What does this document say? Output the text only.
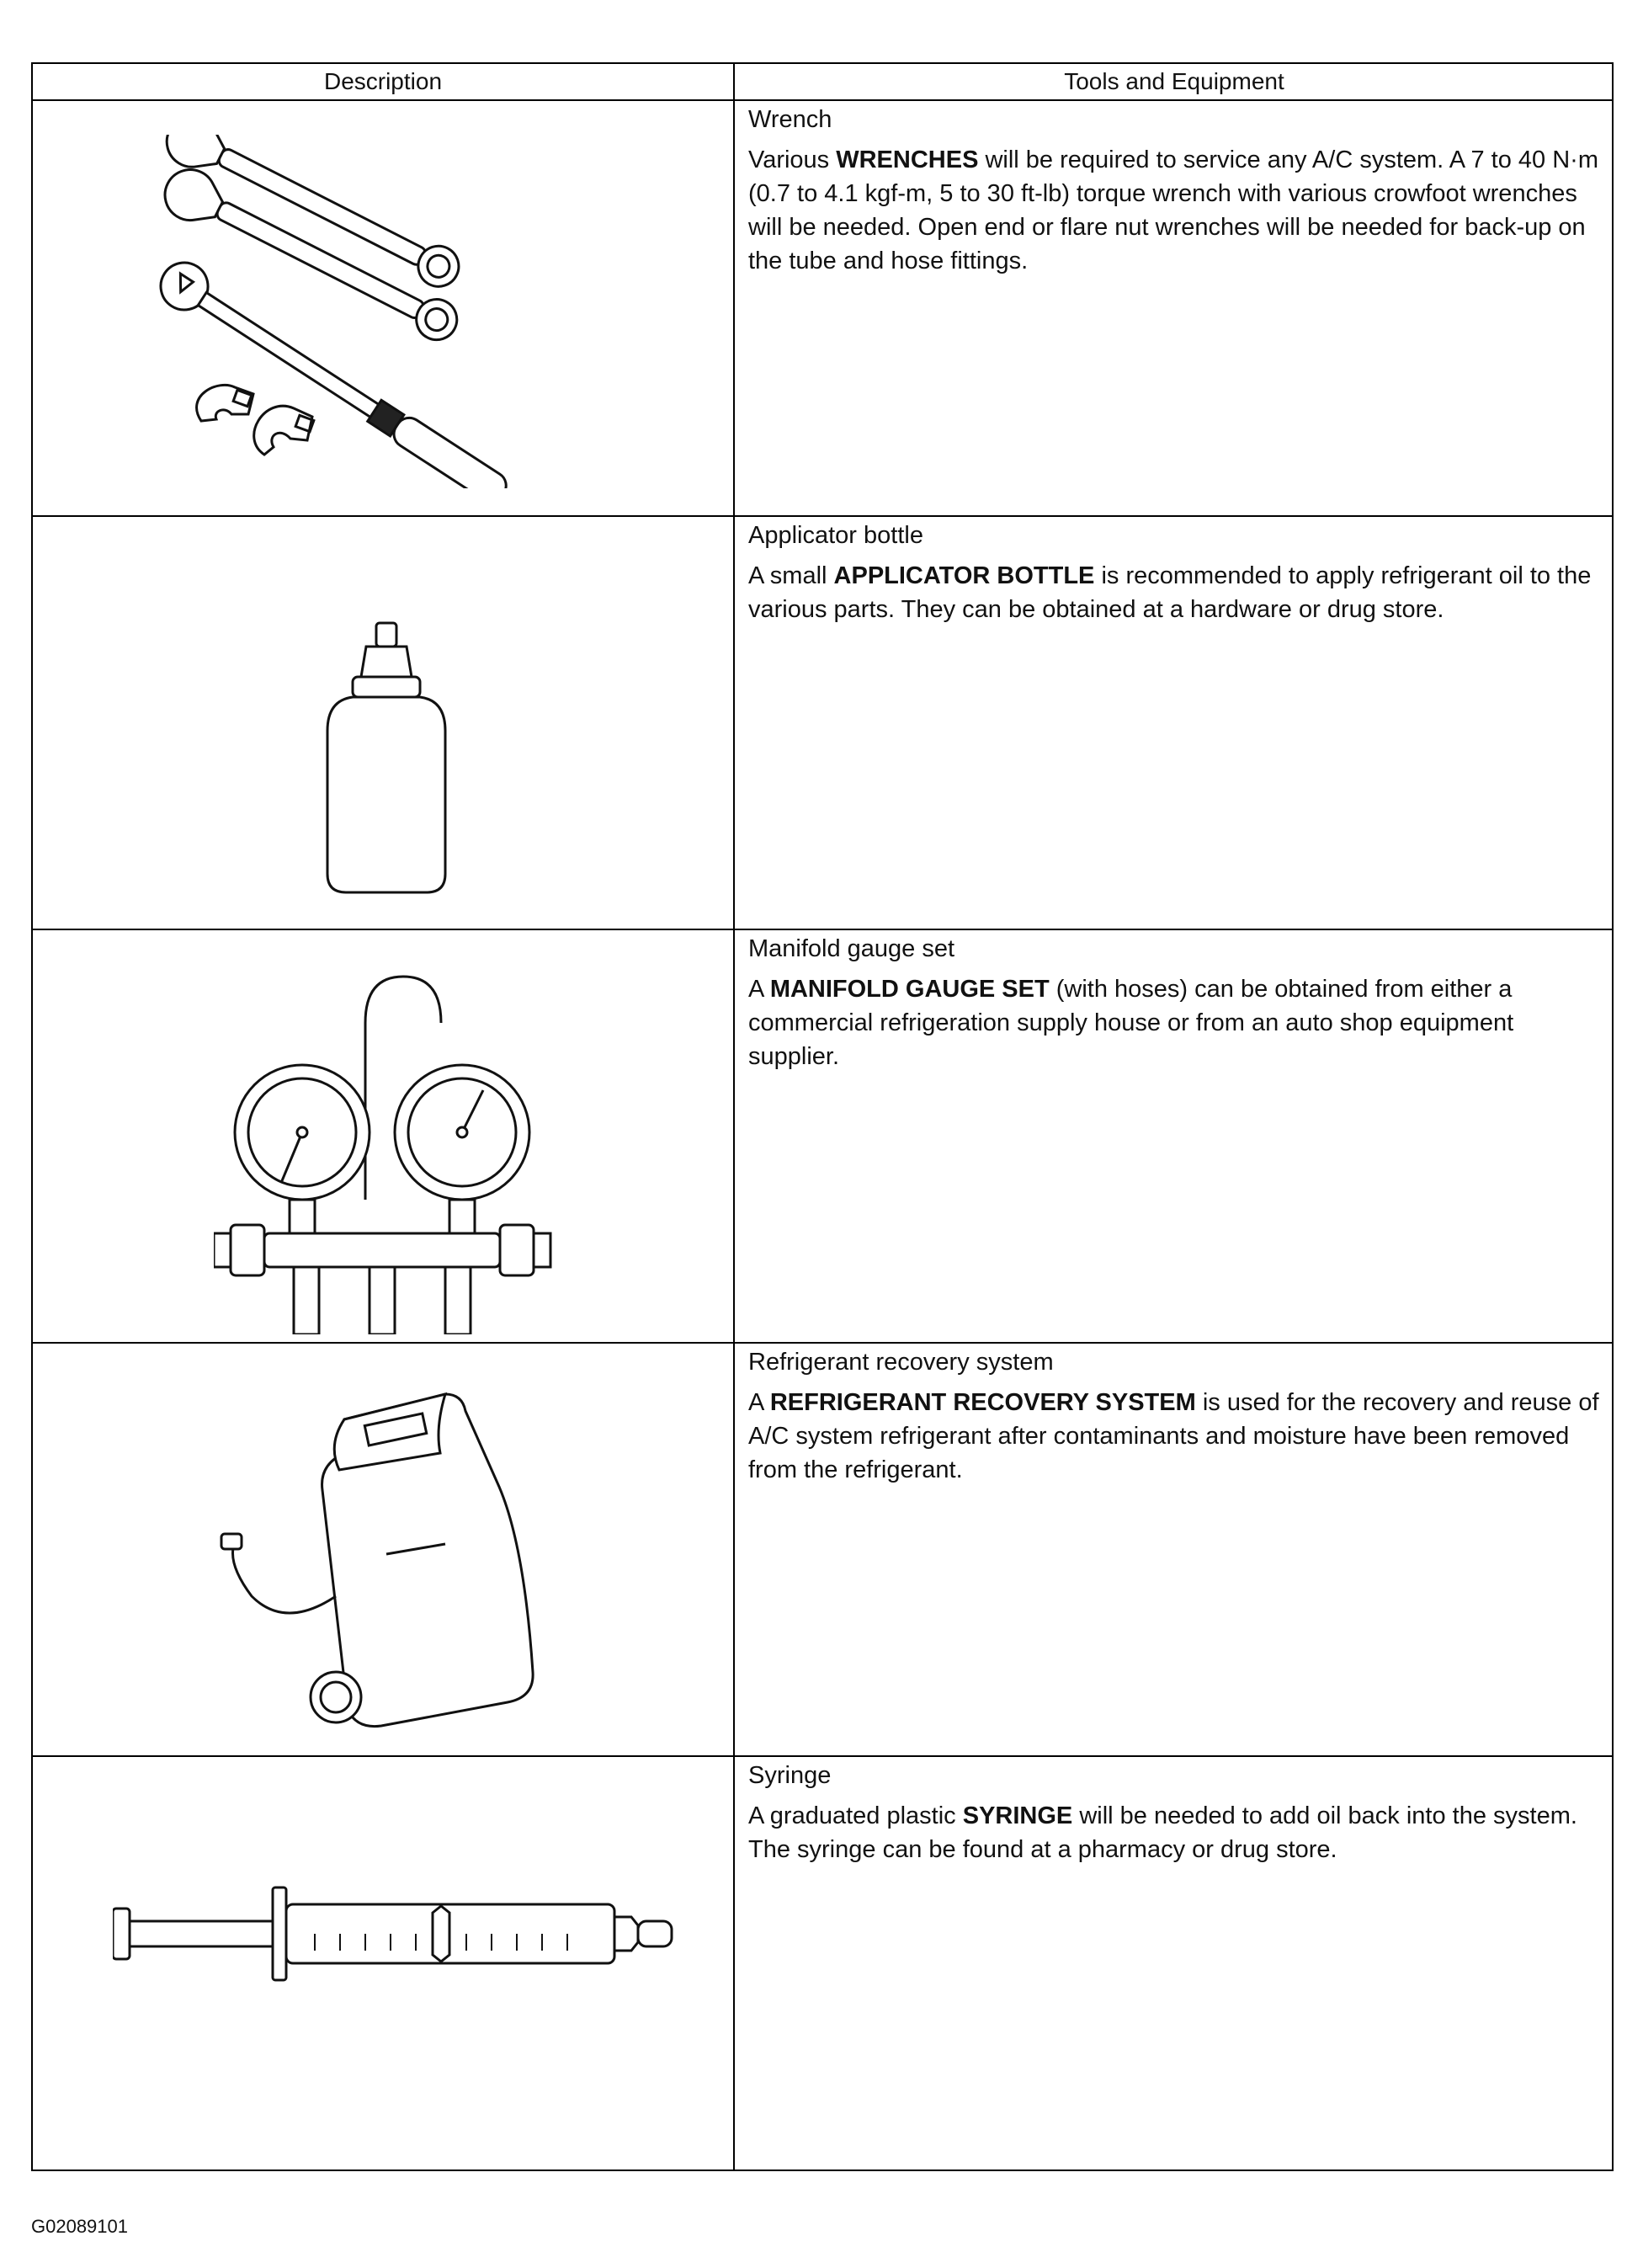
Description	Tools and Equipment
Wrench
Various WRENCHES will be required to service any A/C system. A 7 to 40 N·m (0.7 to 4.1 kgf-m, 5 to 30 ft-lb) torque wrench with various crowfoot wrenches will be needed. Open end or flare nut wrenches will be needed for back-up on the tube and hose fittings.
Applicator bottle
A small APPLICATOR BOTTLE is recommended to apply refrigerant oil to the various parts. They can be obtained at a hardware or drug store.
Manifold gauge set
A MANIFOLD GAUGE SET (with hoses) can be obtained from either a commercial refrigeration supply house or from an auto shop equipment supplier.
Refrigerant recovery system
A REFRIGERANT RECOVERY SYSTEM is used for the recovery and reuse of A/C system refrigerant after contaminants and moisture have been removed from the refrigerant.
Syringe
A graduated plastic SYRINGE will be needed to add oil back into the system. The syringe can be found at a pharmacy or drug store.
G02089101
